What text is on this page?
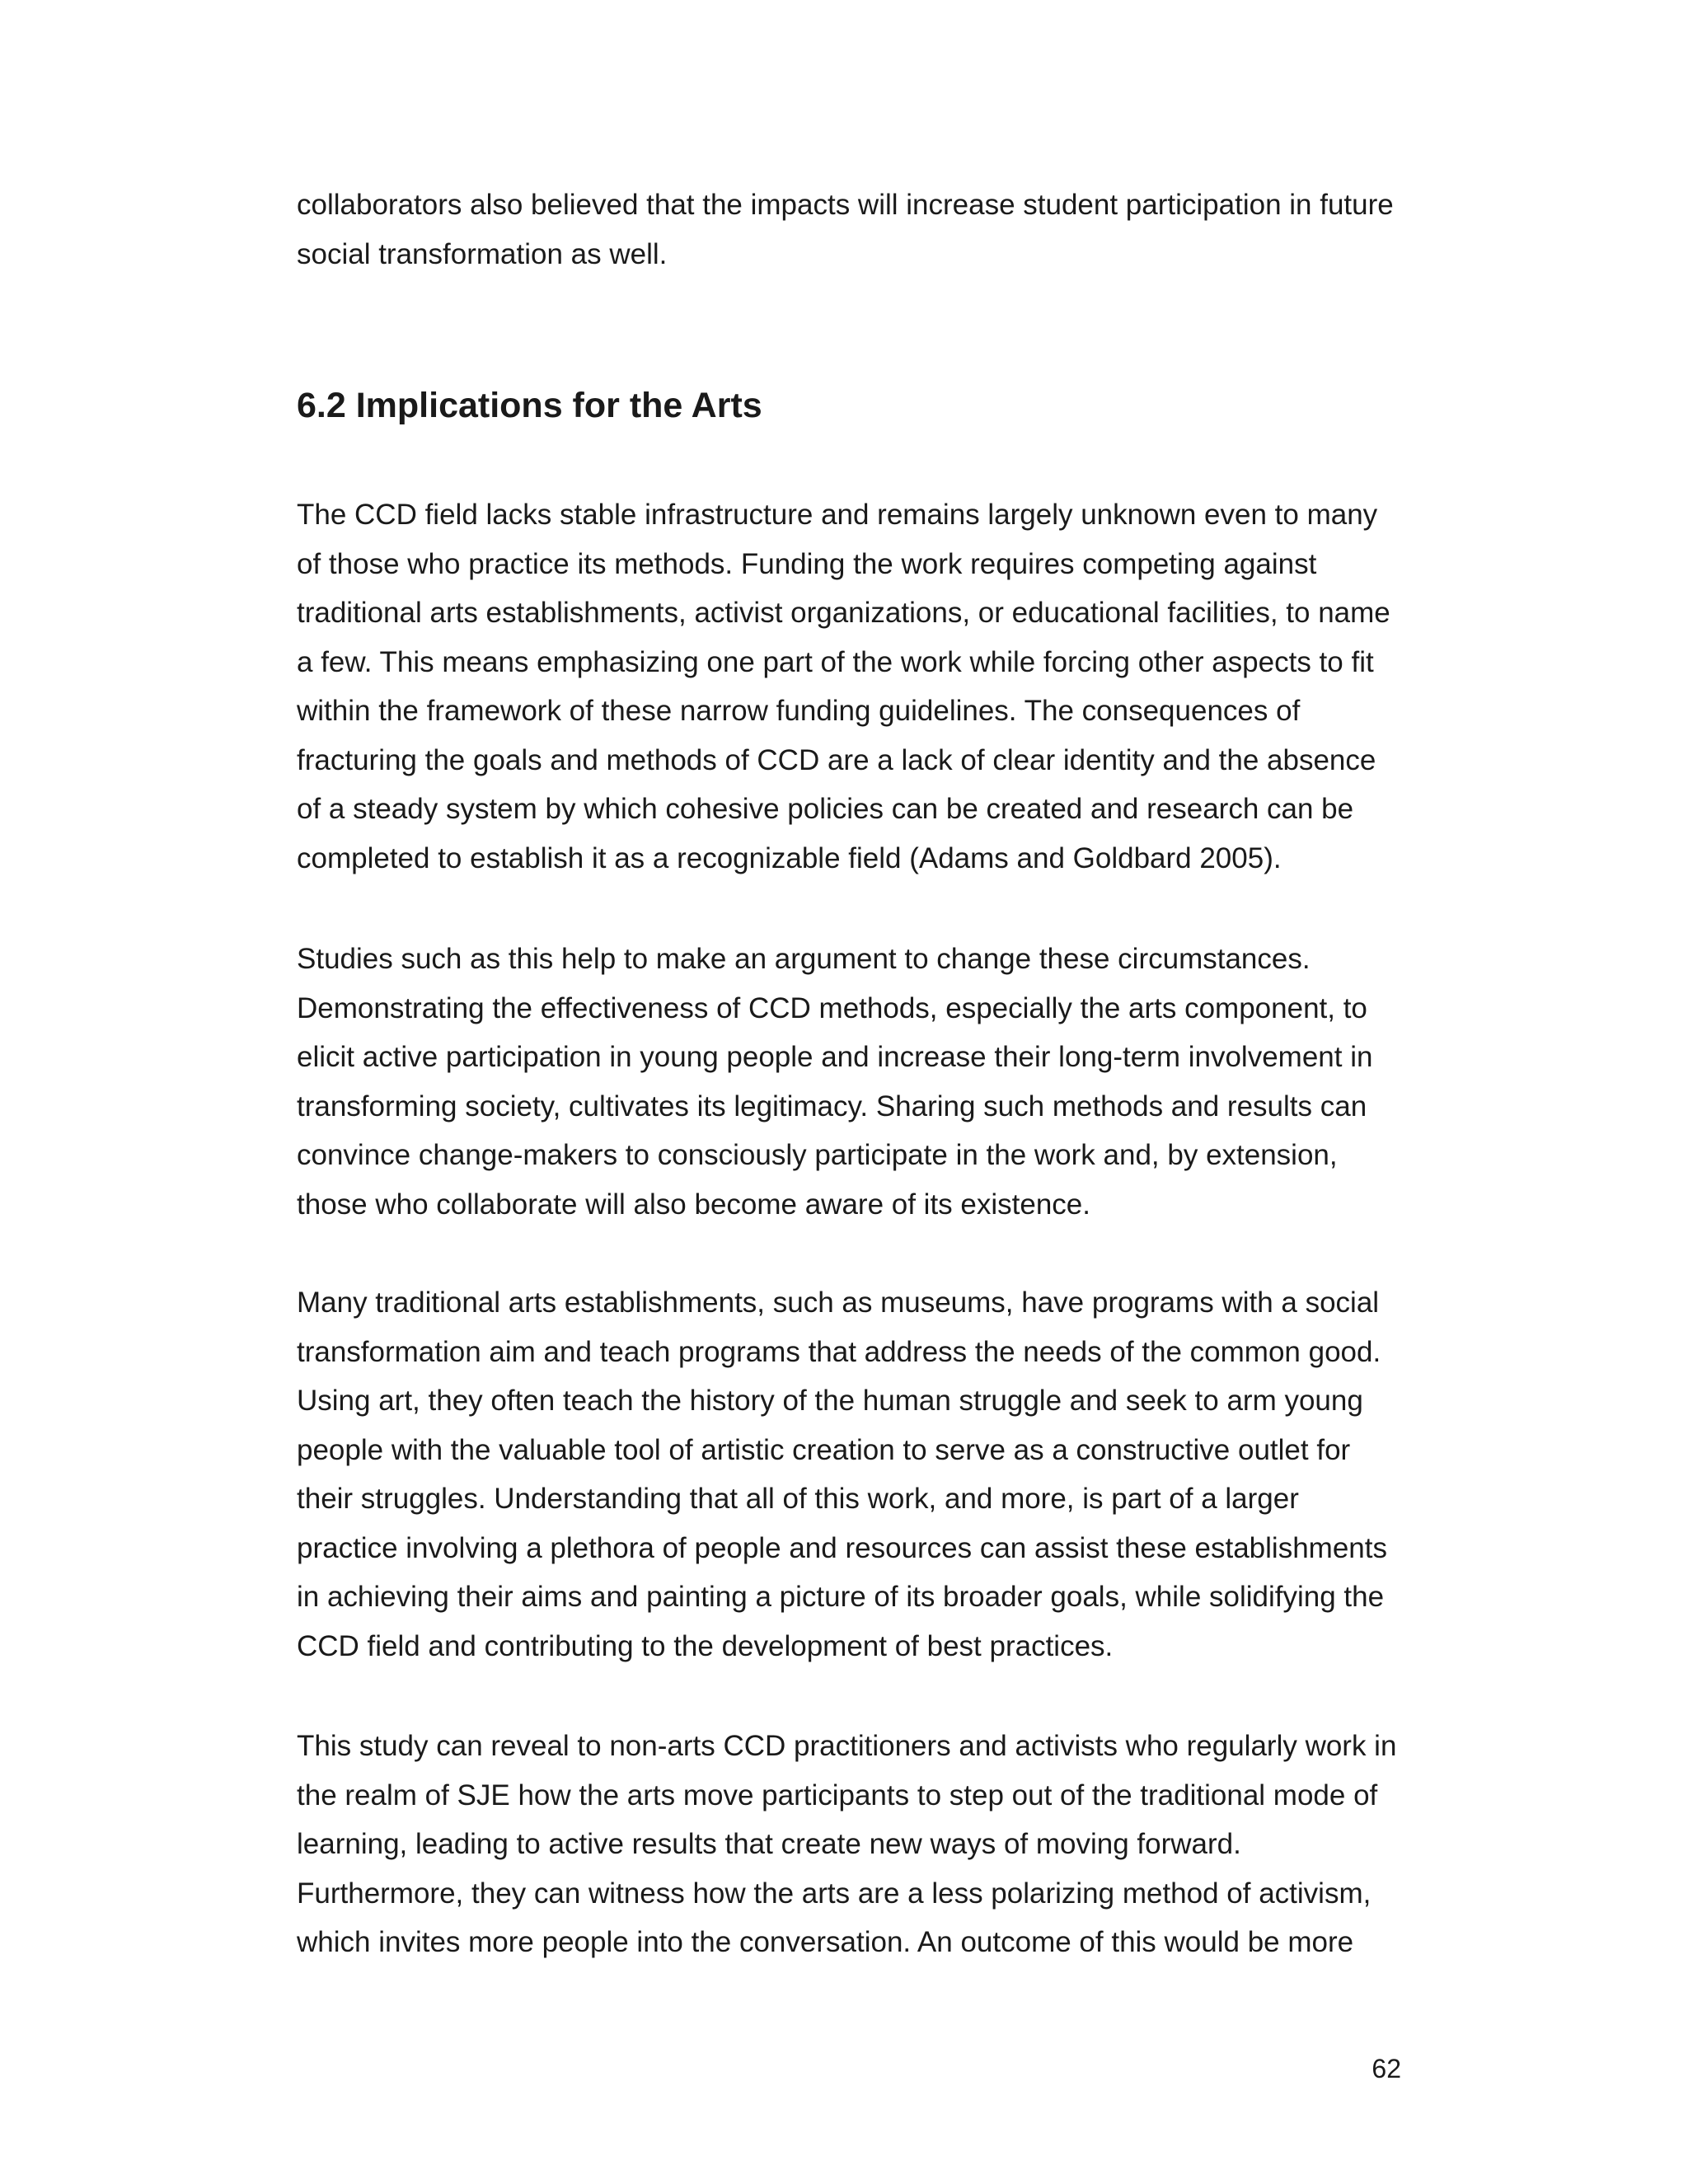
collaborators also believed that the impacts will increase student participation in future
social transformation as well.
6.2 Implications for the Arts
The CCD field lacks stable infrastructure and remains largely unknown even to many
of those who practice its methods. Funding the work requires competing against
traditional arts establishments, activist organizations, or educational facilities, to name
a few. This means emphasizing one part of the work while forcing other aspects to fit
within the framework of these narrow funding guidelines. The consequences of
fracturing the goals and methods of CCD are a lack of clear identity and the absence
of a steady system by which cohesive policies can be created and research can be
completed to establish it as a recognizable field (Adams and Goldbard 2005).
Studies such as this help to make an argument to change these circumstances.
Demonstrating the effectiveness of CCD methods, especially the arts component, to
elicit active participation in young people and increase their long-term involvement in
transforming society, cultivates its legitimacy. Sharing such methods and results can
convince change-makers to consciously participate in the work and, by extension,
those who collaborate will also become aware of its existence.
Many traditional arts establishments, such as museums, have programs with a social
transformation aim and teach programs that address the needs of the common good.
Using art, they often teach the history of the human struggle and seek to arm young
people with the valuable tool of artistic creation to serve as a constructive outlet for
their struggles. Understanding that all of this work, and more, is part of a larger
practice involving a plethora of people and resources can assist these establishments
in achieving their aims and painting a picture of its broader goals, while solidifying the
CCD field and contributing to the development of best practices.
This study can reveal to non-arts CCD practitioners and activists who regularly work in
the realm of SJE how the arts move participants to step out of the traditional mode of
learning, leading to active results that create new ways of moving forward.
Furthermore, they can witness how the arts are a less polarizing method of activism,
which invites more people into the conversation. An outcome of this would be more
62
